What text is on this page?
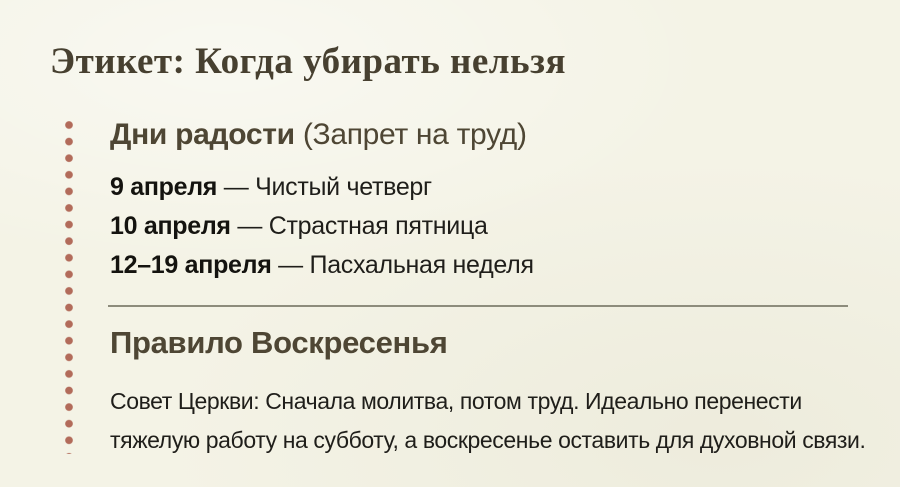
Этикет: Когда убирать нельзя
Дни радости (Запрет на труд)
9 апреля — Чистый четверг
10 апреля — Страстная пятница
12–19 апреля — Пасхальная неделя
Правило Воскресенья
Совет Церкви: Сначала молитва, потом труд. Идеально перенести
тяжелую работу на субботу, а воскресенье оставить для духовной связи.
